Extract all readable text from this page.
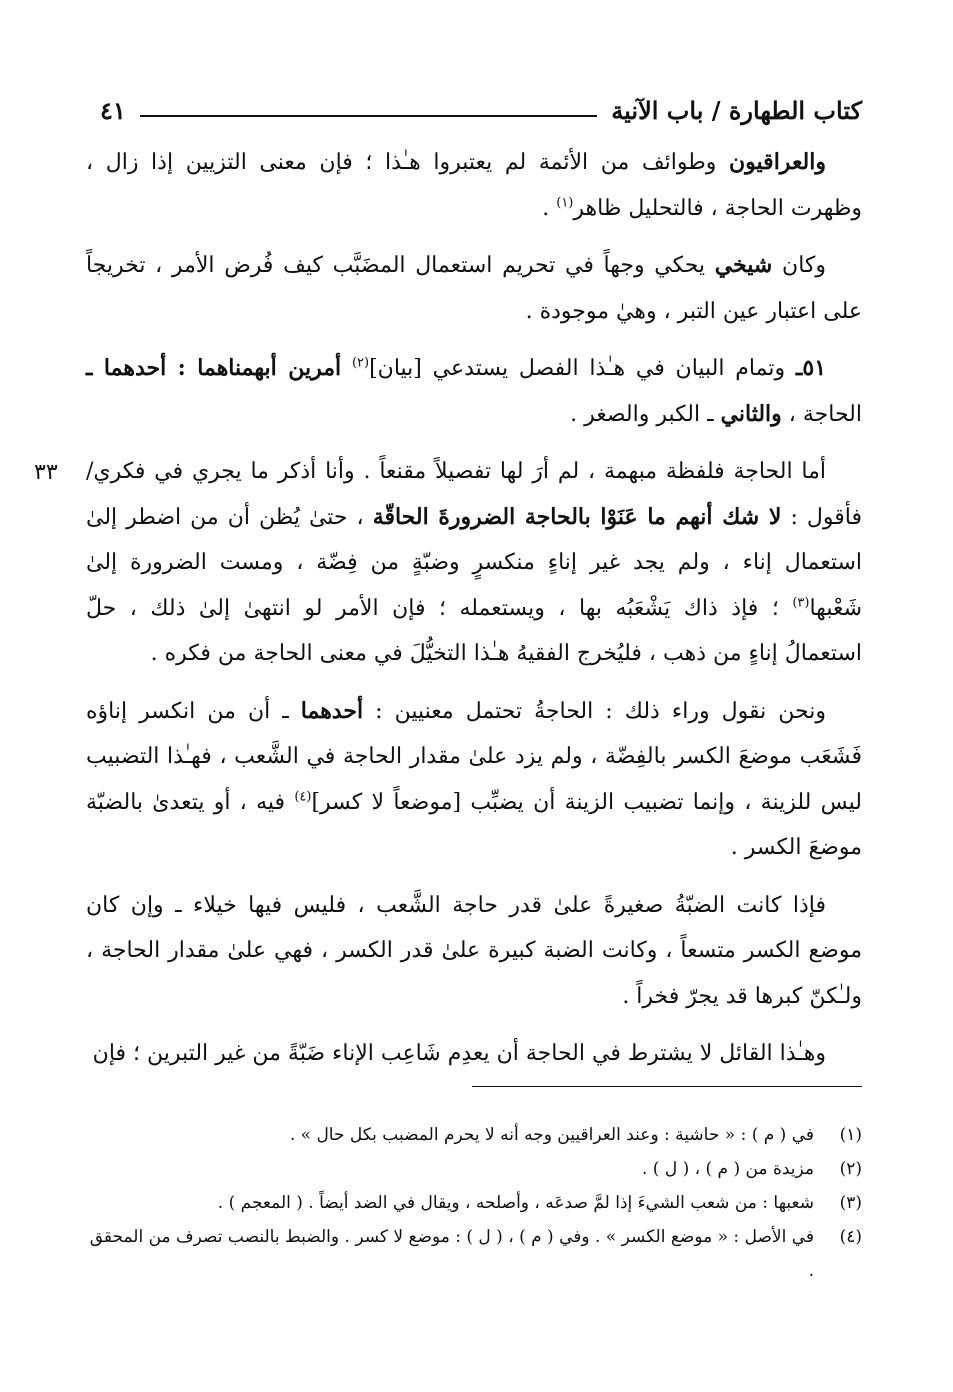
كتاب الطهارة / باب الآنية
٤١
٣٣
والعراقيون وطوائف من الأئمة لم يعتبروا هـٰذا ؛ فإن معنى التزيين إذا زال ،
وظهرت الحاجة ، فالتحليل ظاهر$^{(١)}$ .
وكان شيخي يحكي وجهاً في تحريم استعمال المضَبَّب كيف فُرض الأمر ، تخريجاً
على اعتبار عين التبر ، وهيٰ موجودة .
٥١ـ وتمام البيان في هـٰذا الفصل يستدعي [بيان]$^{(٢)}$ أمرين أبهمناهما : أحدهما ـ
الحاجة ، والثاني ـ الكبر والصغر .
أما الحاجة فلفظة مبهمة ، لم أرَ لها تفصيلاً مقنعاً . وأنا أذكر ما يجري في فكري/
فأقول : لا شك أنهم ما عَنَوْا بالحاجة الضرورةَ الحاقّة ، حتىٰ يُظن أن من اضطر إلىٰ
استعمال إناء ، ولم يجد غير إناءٍ منكسرٍ وضبّةٍ من فِضّة ، ومست الضرورة إلىٰ
شَعْبها$^{(٣)}$ ؛ فإذ ذاك يَشْعَبُه بها ، ويستعمله ؛ فإن الأمر لو انتهىٰ إلىٰ ذلك ، حلّ
استعمالُ إناءٍ من ذهب ، فليُخرج الفقيهُ هـٰذا التخيُّلَ في معنى الحاجة من فكره .
ونحن نقول وراء ذلك : الحاجةُ تحتمل معنيين : أحدهما ـ أن من انكسر إناؤه
فَشَعَب موضعَ الكسر بالفِضّة ، ولم يزد علىٰ مقدار الحاجة في الشَّعب ، فهـٰذا التضبيب
ليس للزينة ، وإنما تضبيب الزينة أن يضبِّب [موضعاً لا كسر]$^{(٤)}$ فيه ، أو يتعدىٰ بالضبّة
موضعَ الكسر .
فإذا كانت الضبّةُ صغيرةً علىٰ قدر حاجة الشَّعب ، فليس فيها خيلاء ـ وإن كان
موضع الكسر متسعاً ، وكانت الضبة كبيرة علىٰ قدر الكسر ، فهي علىٰ مقدار الحاجة ،
ولـٰكنّ كبرها قد يجرّ فخراً .
وهـٰذا القائل لا يشترط في الحاجة أن يعدِم شَاعِب الإناء ضَبّةً من غير التبرين ؛ فإن
(١)
في ( م ) : « حاشية : وعند العراقيين وجه أنه لا يحرم المضبب بكل حال » .
(٢)
مزيدة من ( م ) ، ( ل ) .
(٣)
شعبها : من شعب الشيءَ إذا لمَّ صدعَه ، وأصلحه ، ويقال في الضد أيضاً . ( المعجم ) .
(٤)
في الأصل : « موضع الكسر » . وفي ( م ) ، ( ل ) : موضع لا كسر . والضبط بالنصب تصرف من المحقق .
